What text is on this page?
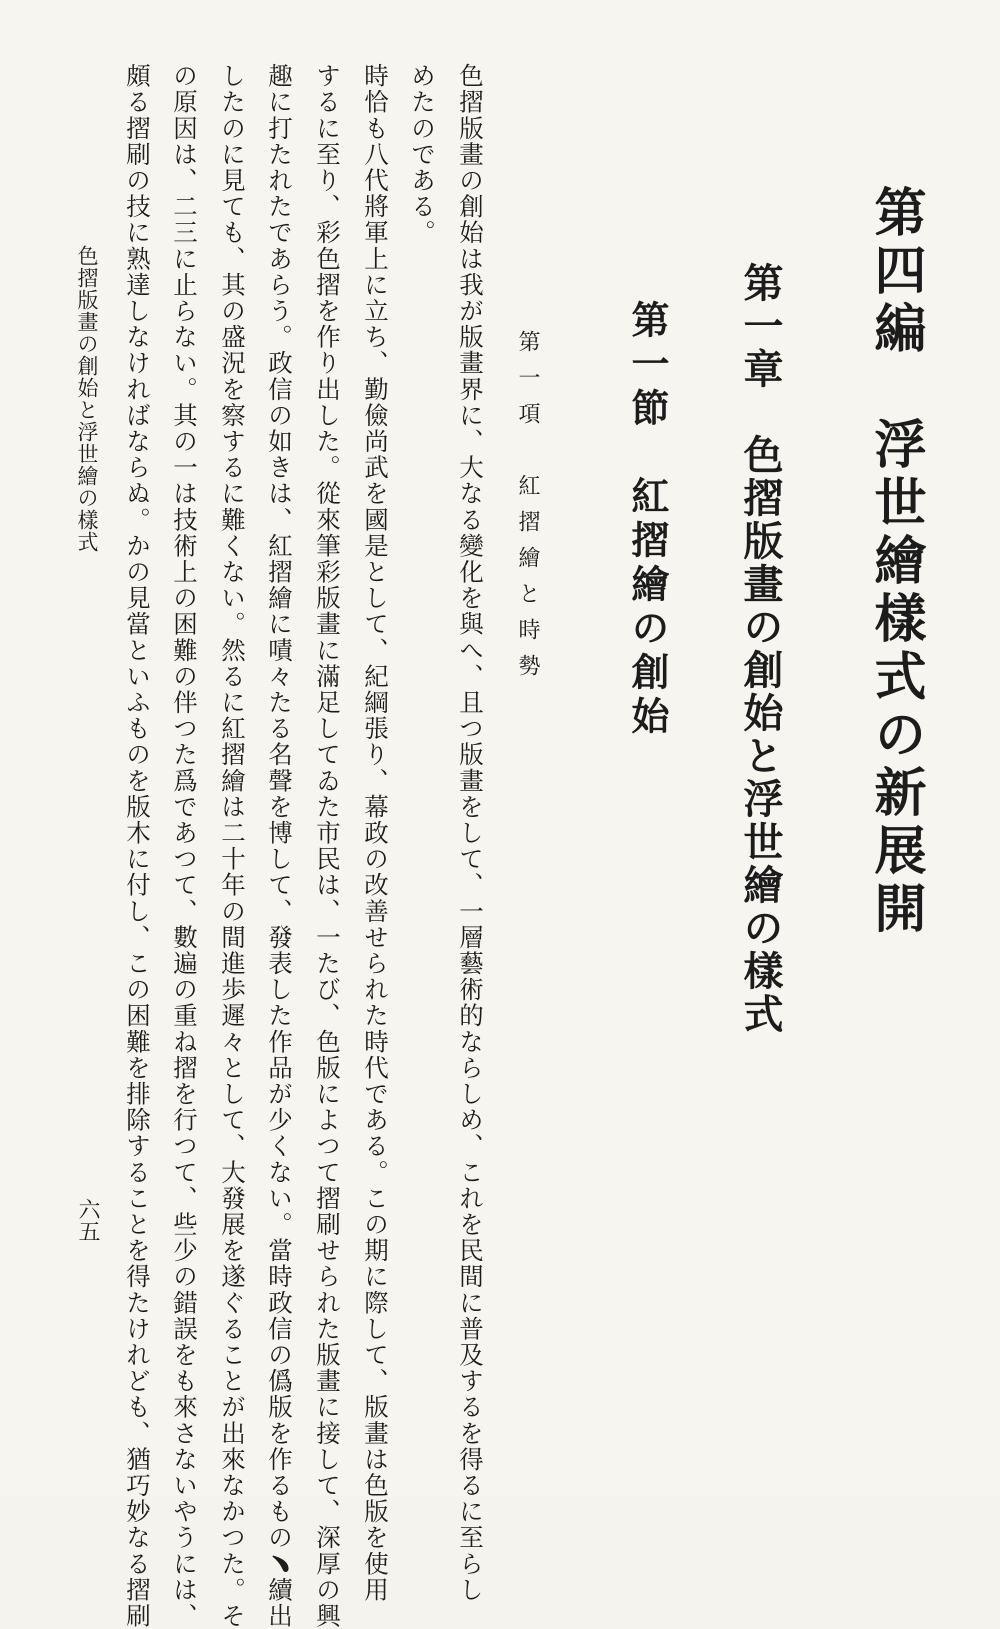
第四編　浮世繪樣式の新展開
第一章　色摺版畫の創始と浮世繪の樣式
第一節　紅摺繪の創始
第一項　紅摺繪と時勢
めたのである。 色摺版畫の創始は我が版畫界に、大なる變化を與へ、且つ版畫をして、一層藝術的ならしめ、これを民間に普及するを得るに至らし
時恰も八代將軍上に立ち、勤儉尚武を國是として、紀綱張り、幕政の改善せられた時代である。この期に際して、版畫は色版を使用
するに至り、彩色摺を作り出した。從來筆彩版畫に滿足してゐた市民は、一たび、色版によつて摺刷せられた版畫に接して、深厚の興
趣に打たれたであらう。政信の如きは、紅摺繪に嘖々たる名聲を博して、發表した作品が少くない。當時政信の僞版を作るもの﹅續出
したのに見ても、其の盛況を察するに難くない。然るに紅摺繪は二十年の間進歩遲々として、大發展を遂ぐることが出來なかつた。そ
の原因は、二三に止らない。其の一は技術上の困難の伴つた爲であつて、數遍の重ね摺を行つて、些少の錯誤をも來さないやうには、
頗る摺刷の技に熟達しなければならぬ。かの見當といふものを版木に付し、この困難を排除することを得たけれども、猶巧妙なる摺刷
色摺版畫の創始と浮世繪の樣式
六五
